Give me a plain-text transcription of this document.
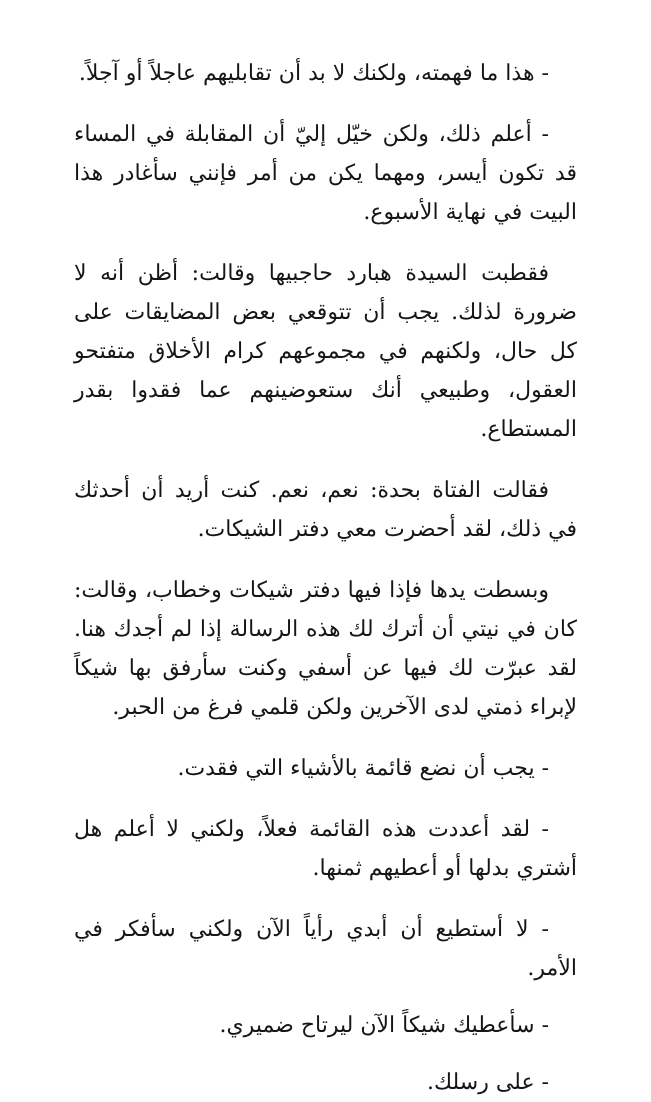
- هذا ما فهمته، ولكنك لا بد أن تقابليهم عاجلاً أو آجلاً.

- أعلم ذلك، ولكن خيّل إليّ أن المقابلة في المساء قد تكون أيسر، ومهما يكن من أمر فإنني سأغادر هذا البيت في نهاية الأسبوع.

فقطبت السيدة هبارد حاجبيها وقالت: أظن أنه لا ضرورة لذلك. يجب أن تتوقعي بعض المضايقات على كل حال، ولكنهم في مجموعهم كرام الأخلاق متفتحو العقول، وطبيعي أنك ستعوضينهم عما فقدوا بقدر المستطاع.

فقالت الفتاة بحدة: نعم، نعم. كنت أريد أن أحدثك في ذلك، لقد أحضرت معي دفتر الشيكات.

وبسطت يدها فإذا فيها دفتر شيكات وخطاب، وقالت: كان في نيتي أن أترك لك هذه الرسالة إذا لم أجدك هنا. لقد عبرّت لك فيها عن أسفي وكنت سأرفق بها شيكاً لإبراء ذمتي لدى الآخرين ولكن قلمي فرغ من الحبر.

- يجب أن نضع قائمة بالأشياء التي فقدت.

- لقد أعددت هذه القائمة فعلاً، ولكني لا أعلم هل أشتري بدلها أو أعطيهم ثمنها.

- لا أستطيع أن أبدي رأياً الآن ولكني سأفكر في الأمر.

- سأعطيك شيكاً الآن ليرتاح ضميري.

- على رسلك.
